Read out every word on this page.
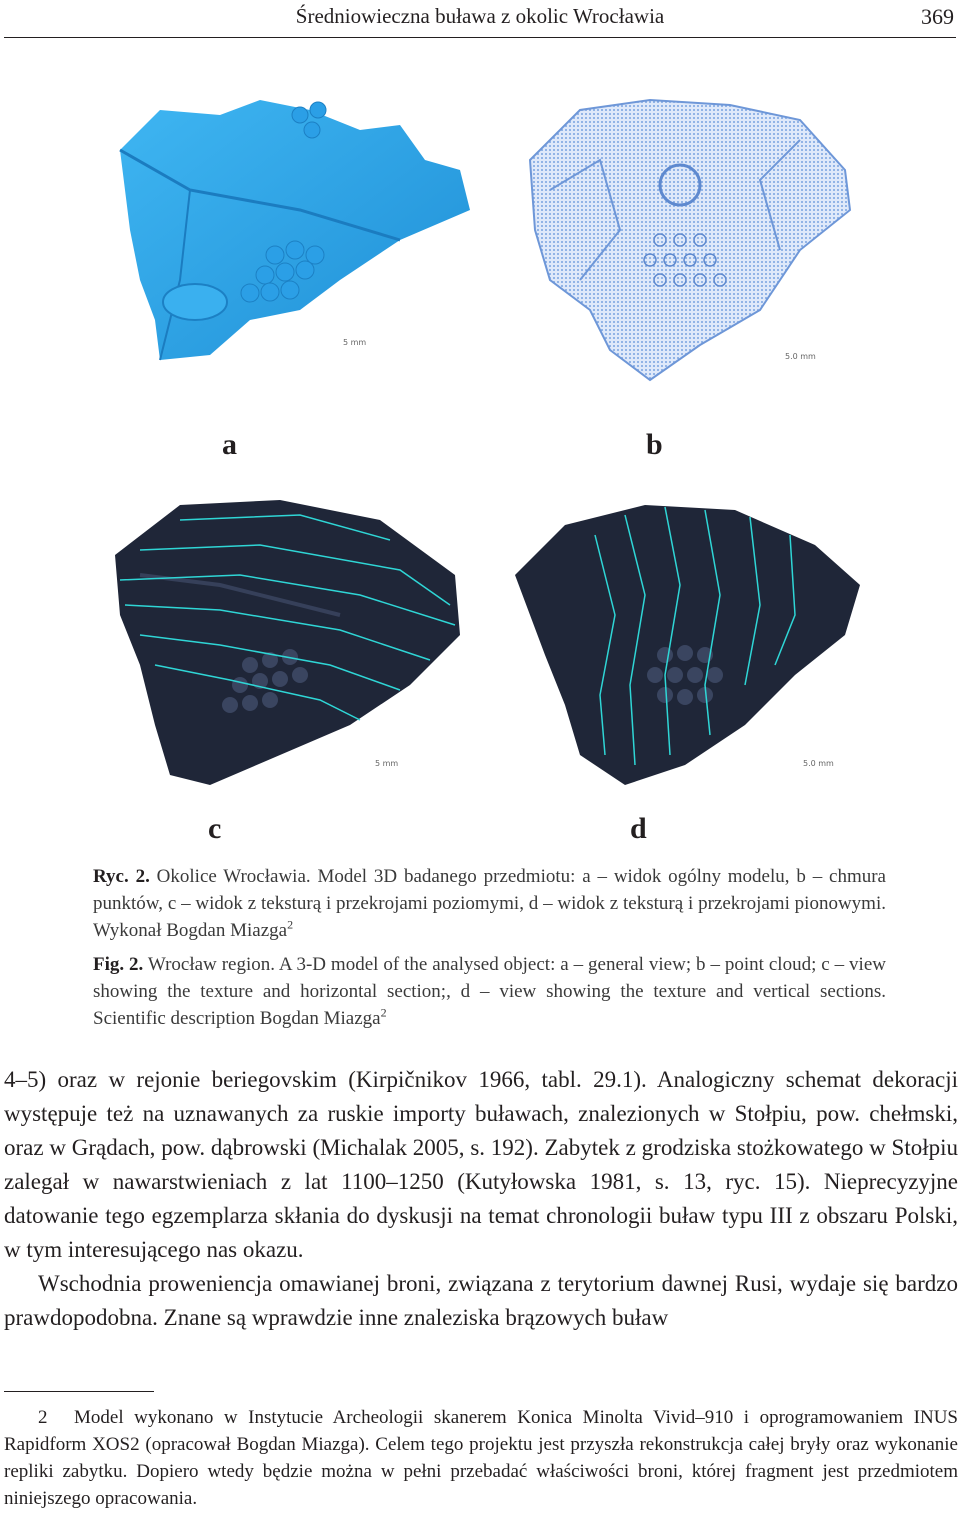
Średniowieczna buława z okolic Wrocławia	369
5 mm
5.0 mm
a	b
5 mm	5.0 mm
c	d
Ryc. 2. Okolice Wrocławia. Model 3D badanego przedmiotu: a – widok ogólny modelu, b – chmura punktów, c – widok z teksturą i przekrojami poziomymi, d – widok z teksturą i przekrojami pionowymi. Wykonał Bogdan Miazga$^2$
Fig. 2. Wrocław region. A 3-D model of the analysed object: a – general view; b – point cloud; c – view showing the texture and horizontal section;, d – view showing the texture and vertical sections. Scientific description Bogdan Miazga$^2$

4–5) oraz w rejonie beriegovskim (Kirpičnikov 1966, tabl. 29.1). Analogiczny schemat dekoracji występuje też na uznawanych za ruskie importy buławach, znalezionych w Stołpiu, pow. chełmski, oraz w Grądach, pow. dąbrowski (Michalak 2005, s. 192). Zabytek z grodziska stożkowatego w Stołpiu zalegał w nawarstwieniach z lat 1100–1250 (Kutyłowska 1981, s. 13, ryc. 15). Nieprecyzyjne datowanie tego egzemplarza skłania do dyskusji na temat chronologii buław typu III z obszaru Polski, w tym interesującego nas okazu.

Wschodnia proweniencja omawianej broni, związana z terytorium dawnej Rusi, wydaje się bardzo prawdopodobna. Znane są wprawdzie inne znaleziska brązowych buław

2 Model wykonano w Instytucie Archeologii skanerem Konica Minolta Vivid–910 i oprogramowaniem INUS Rapidform XOS2 (opracował Bogdan Miazga). Celem tego projektu jest przyszła rekonstrukcja całej bryły oraz wykonanie repliki zabytku. Dopiero wtedy będzie można w pełni przebadać właściwości broni, której fragment jest przedmiotem niniejszego opracowania.
